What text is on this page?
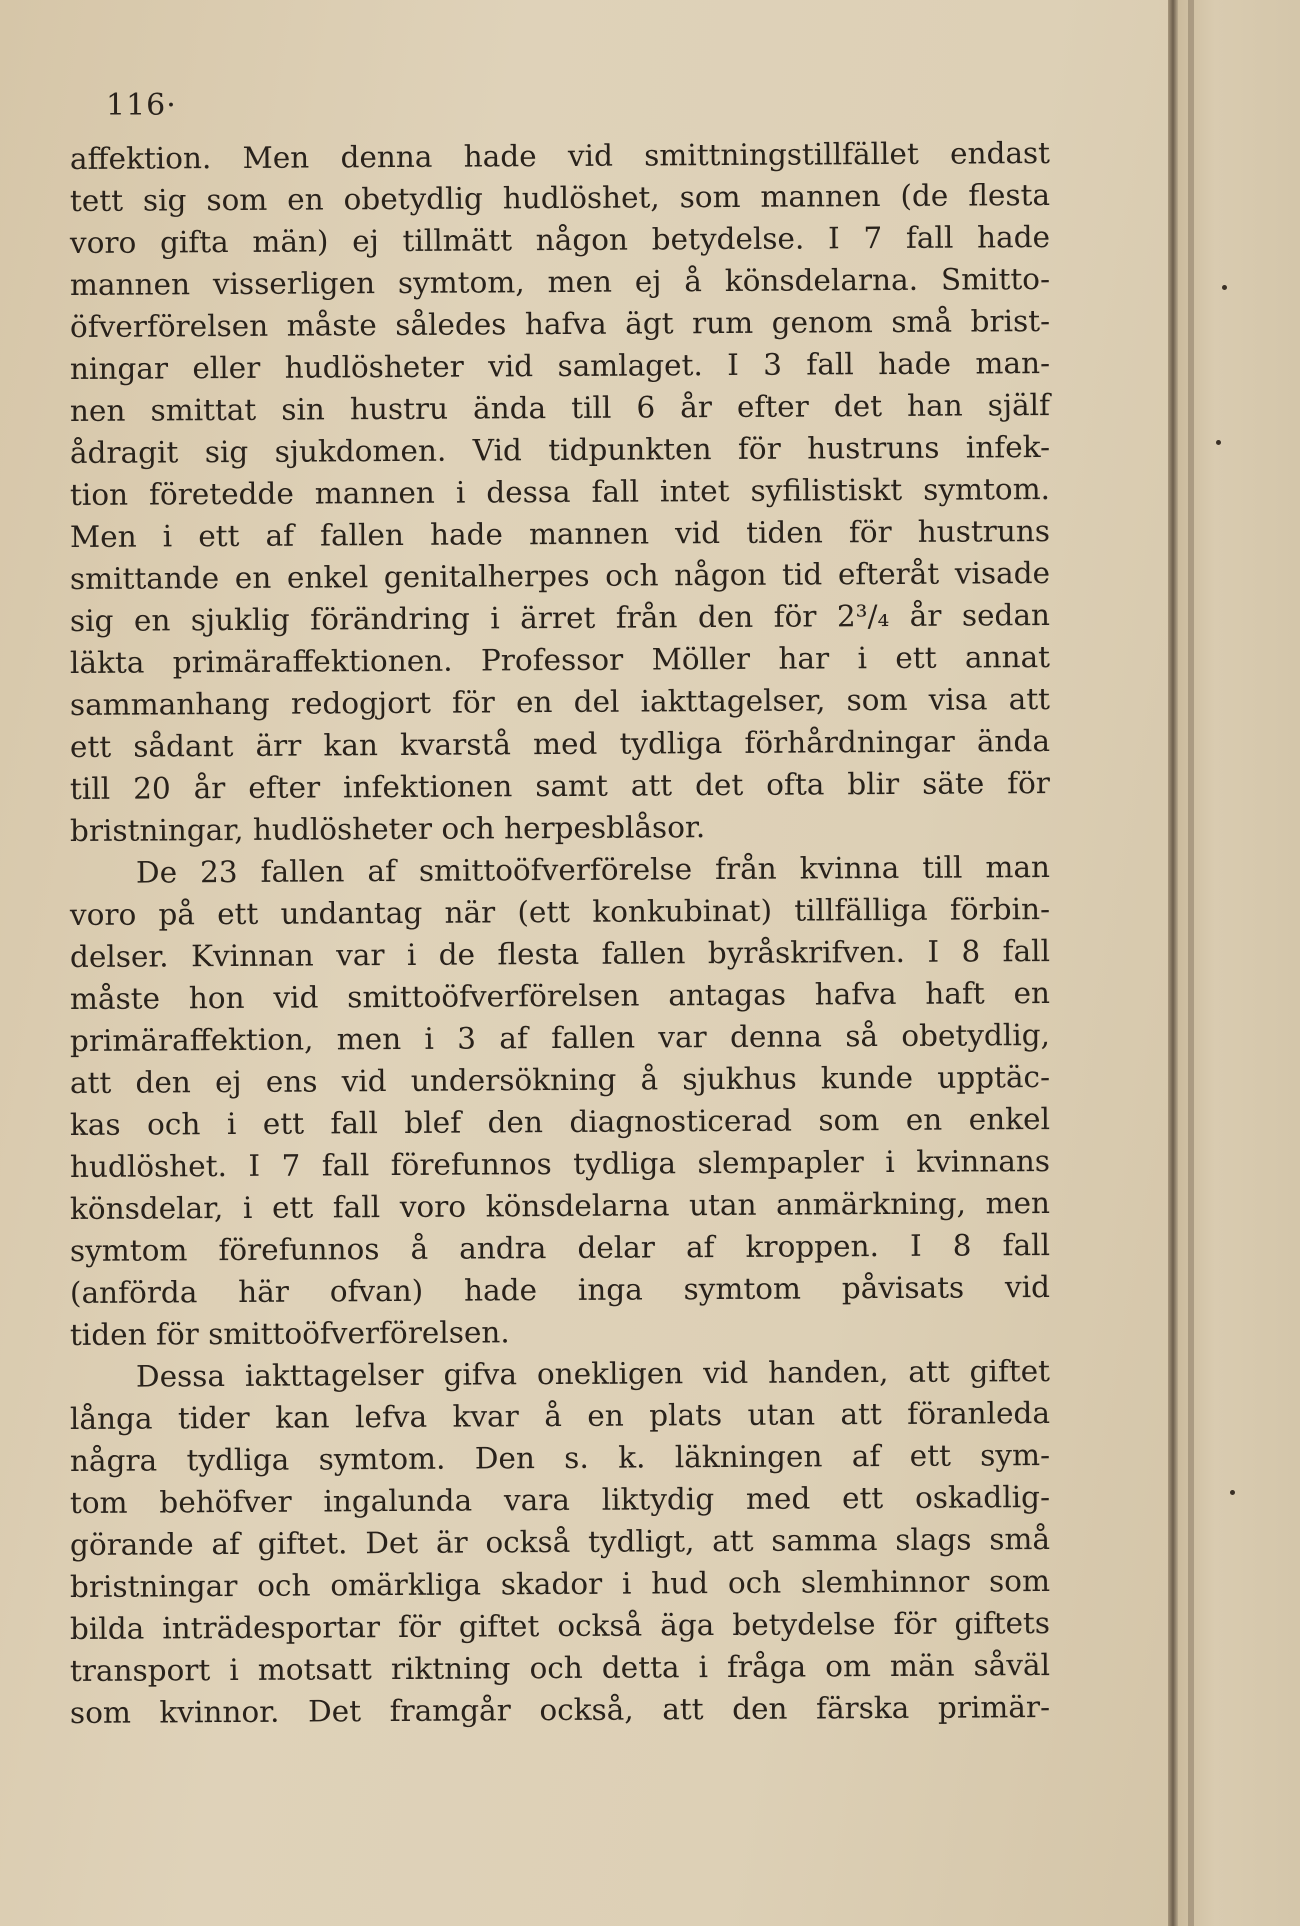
116·
affektion. Men denna hade vid smittningstillfället endast
tett sig som en obetydlig hudlöshet, som mannen (de flesta
voro gifta män) ej tillmätt någon betydelse. I 7 fall hade
mannen visserligen symtom, men ej å könsdelarna. Smitto-
öfverförelsen måste således hafva ägt rum genom små brist-
ningar eller hudlösheter vid samlaget. I 3 fall hade man-
nen smittat sin hustru ända till 6 år efter det han själf
ådragit sig sjukdomen. Vid tidpunkten för hustruns infek-
tion företedde mannen i dessa fall intet syfilistiskt symtom.
Men i ett af fallen hade mannen vid tiden för hustruns
smittande en enkel genitalherpes och någon tid efteråt visade
sig en sjuklig förändring i ärret från den för 2³/₄ år sedan
läkta primäraffektionen. Professor Möller har i ett annat
sammanhang redogjort för en del iakttagelser, som visa att
ett sådant ärr kan kvarstå med tydliga förhårdningar ända
till 20 år efter infektionen samt att det ofta blir säte för
bristningar, hudlösheter och herpesblåsor.
De 23 fallen af smittoöfverförelse från kvinna till man
voro på ett undantag när (ett konkubinat) tillfälliga förbin-
delser. Kvinnan var i de flesta fallen byråskrifven. I 8 fall
måste hon vid smittoöfverförelsen antagas hafva haft en
primäraffektion, men i 3 af fallen var denna så obetydlig,
att den ej ens vid undersökning å sjukhus kunde upptäc-
kas och i ett fall blef den diagnosticerad som en enkel
hudlöshet. I 7 fall förefunnos tydliga slempapler i kvinnans
könsdelar, i ett fall voro könsdelarna utan anmärkning, men
symtom förefunnos å andra delar af kroppen. I 8 fall
(anförda här ofvan) hade inga symtom påvisats vid
tiden för smittoöfverförelsen.
Dessa iakttagelser gifva onekligen vid handen, att giftet
långa tider kan lefva kvar å en plats utan att föranleda
några tydliga symtom. Den s. k. läkningen af ett sym-
tom behöfver ingalunda vara liktydig med ett oskadlig-
görande af giftet. Det är också tydligt, att samma slags små
bristningar och omärkliga skador i hud och slemhinnor som
bilda inträdesportar för giftet också äga betydelse för giftets
transport i motsatt riktning och detta i fråga om män såväl
som kvinnor. Det framgår också, att den färska primär-
